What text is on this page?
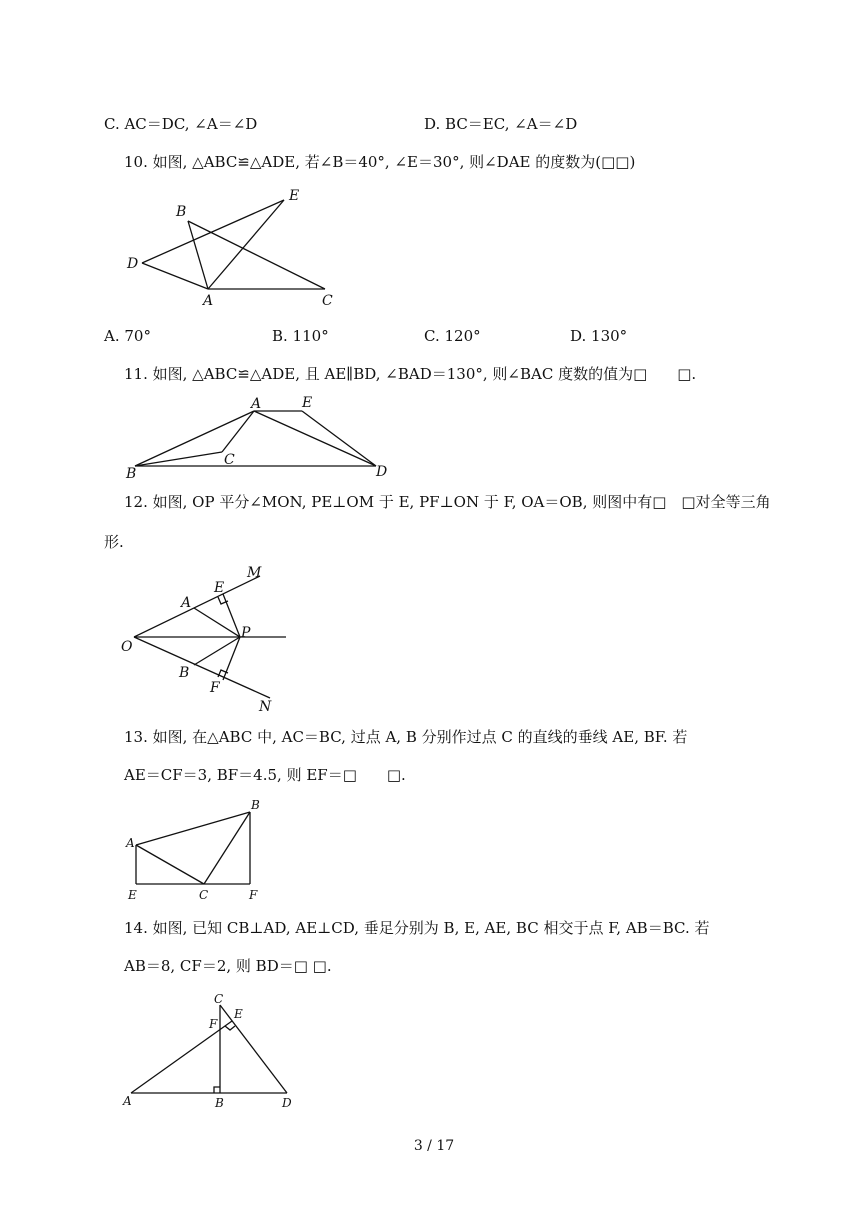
C. AC＝DC, ∠A＝∠D	D. BC＝EC, ∠A＝∠D
10. 如图, △ABC≌△ADE, 若∠B＝40°, ∠E＝30°, 则∠DAE 的度数为(□□)
B
E
D
A	C
A. 70°	B. 110°	C. 120°	D. 130°
11. 如图, △ABC≌△ADE, 且 AE∥BD, ∠BAD＝130°, 则∠BAC 度数的值为□　　□.
A	E
C
B	D
12. 如图, OP 平分∠MON, PE⊥OM 于 E, PF⊥ON 于 F, OA＝OB, 则图中有□　□对全等三角
形.
E
M
A
O
P
B
F
N
13. 如图, 在△ABC 中, AC＝BC, 过点 A, B 分别作过点 C 的直线的垂线 AE, BF. 若
AE＝CF＝3, BF＝4.5, 则 EF＝□　　□.
A
B
E	C	F
14. 如图, 已知 CB⊥AD, AE⊥CD, 垂足分别为 B, E, AE, BC 相交于点 F, AB＝BC. 若
AB＝8, CF＝2, 则 BD＝□ □.
C
F
E
A	B	D
3 / 17
